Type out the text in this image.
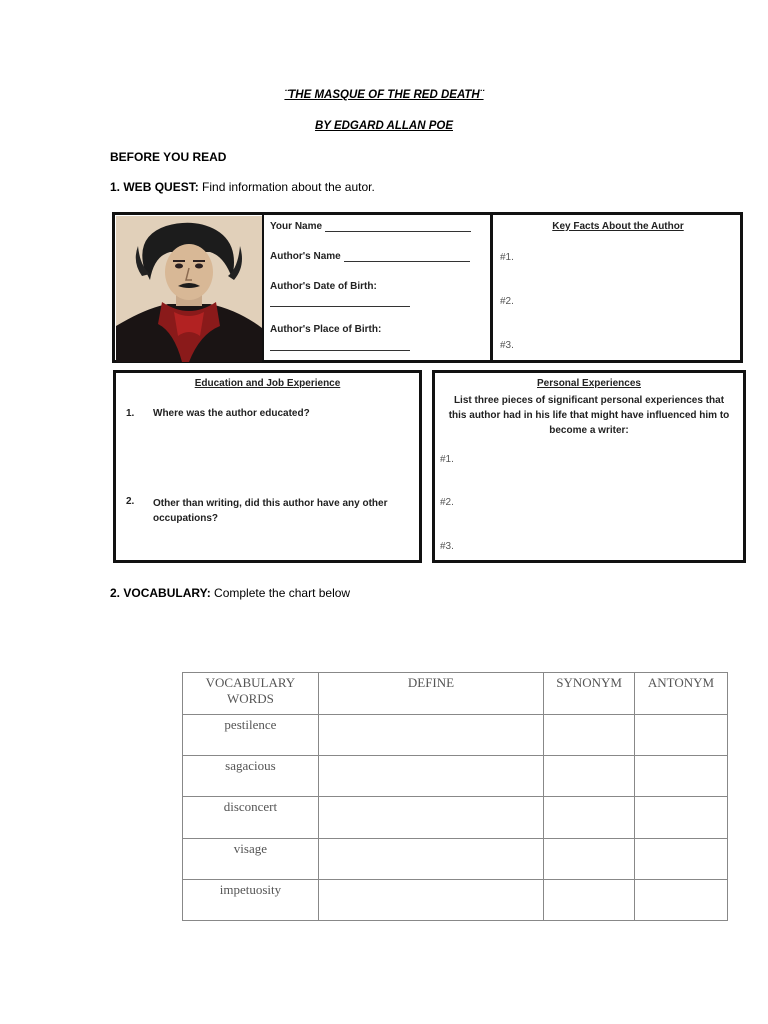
¨THE MASQUE OF THE RED DEATH¨
BY EDGARD ALLAN POE
BEFORE YOU READ
1. WEB QUEST: Find information about the autor.
Your Name
Author's Name
Author's Date of Birth:
Author's Place of Birth:
Key Facts About the Author
#1.
#2.
#3.
Education and Job Experience
1. Where was the author educated?
2. Other than writing, did this author have any other occupations?
Personal Experiences
List three pieces of significant personal experiences that this author had in his life that might have influenced him to become a writer:
#1.
#2.
#3.
2. VOCABULARY: Complete the chart below
VOCABULARY WORDS	DEFINE	SYNONYM	ANTONYM
pestilence			
sagacious			
disconcert			
visage			
impetuosity			
